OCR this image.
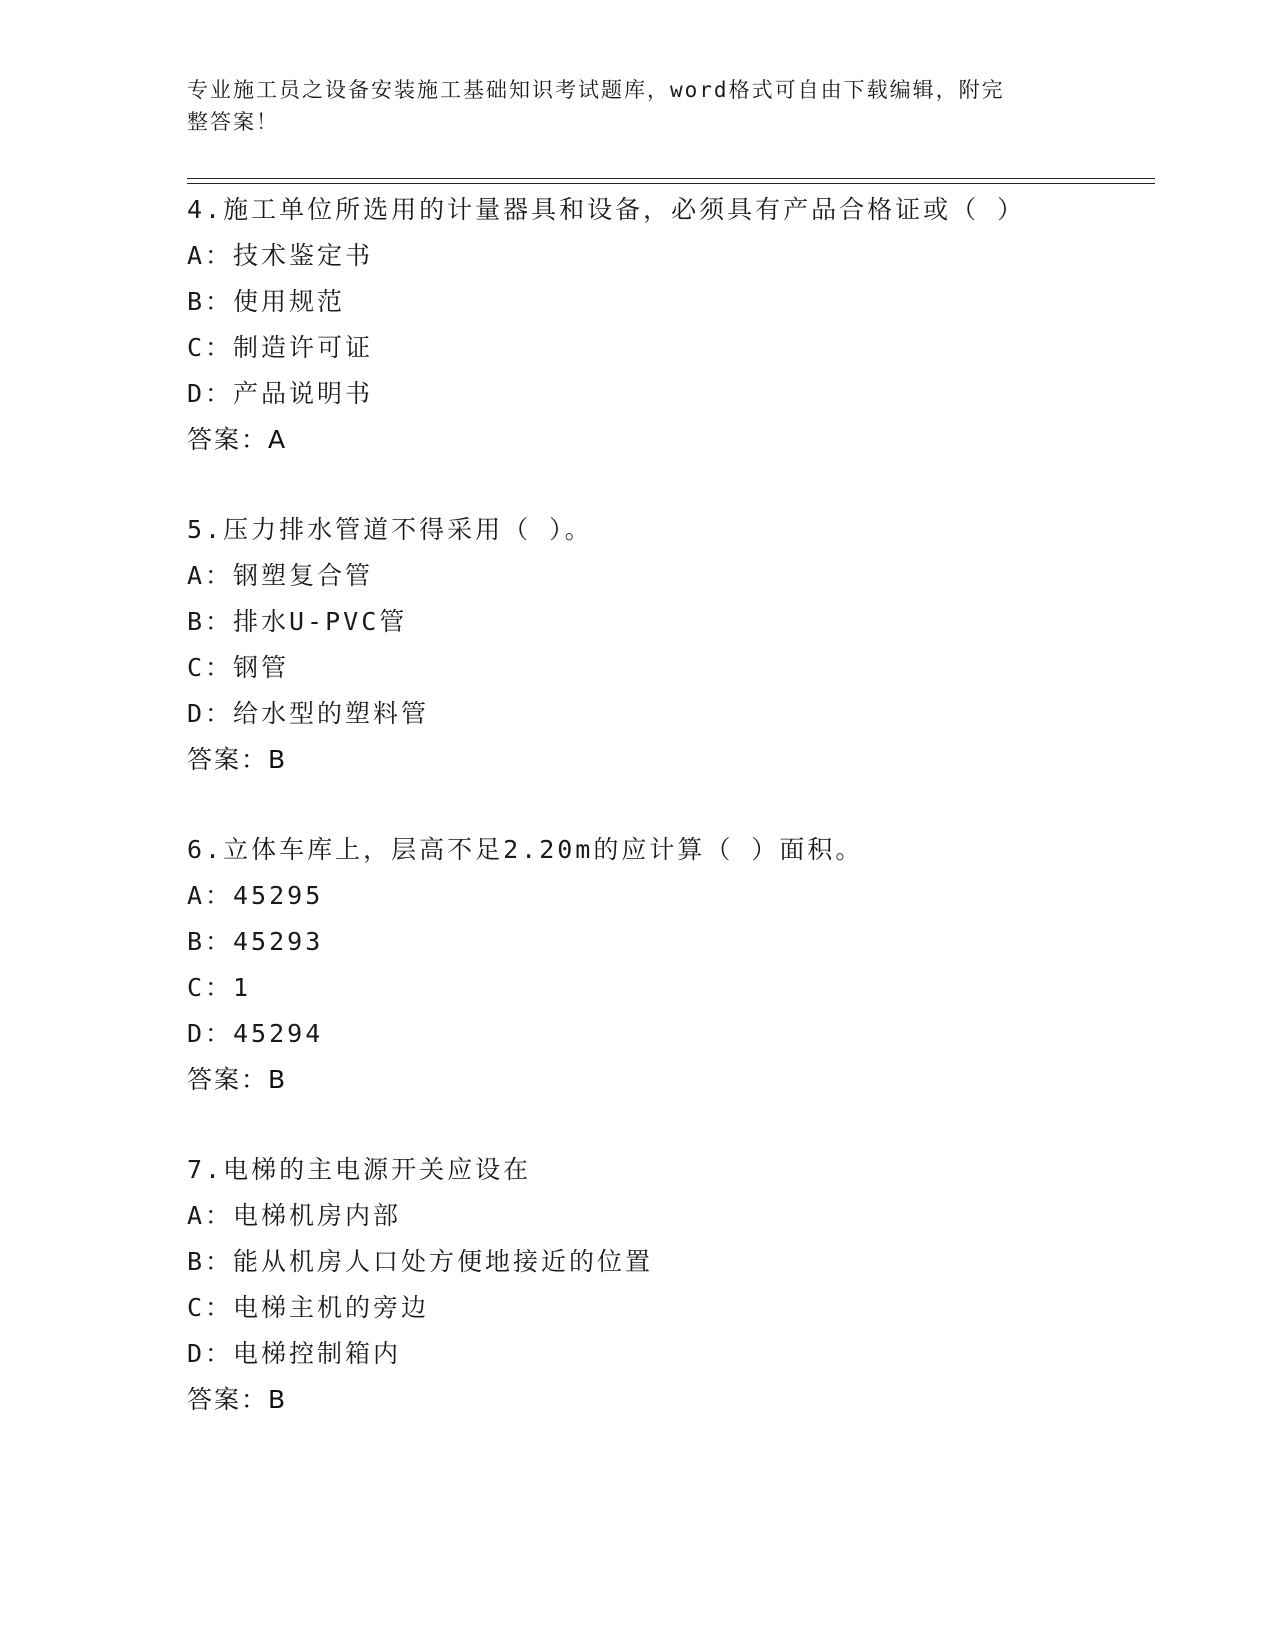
专业施工员之设备安装施工基础知识考试题库，word格式可自由下载编辑，附完
整答案！
4.施工单位所选用的计量器具和设备，必须具有产品合格证或（ ）
A：技术鉴定书
B：使用规范
C：制造许可证
D：产品说明书
答案：A
5.压力排水管道不得采用（ ）。
A：钢塑复合管
B：排水U-PVC管
C：钢管
D：给水型的塑料管
答案：B
6.立体车库上，层高不足2.20m的应计算（ ）面积。
A：45295
B：45293
C：1
D：45294
答案：B
7.电梯的主电源开关应设在
A：电梯机房内部
B：能从机房人口处方便地接近的位置
C：电梯主机的旁边
D：电梯控制箱内
答案：B
